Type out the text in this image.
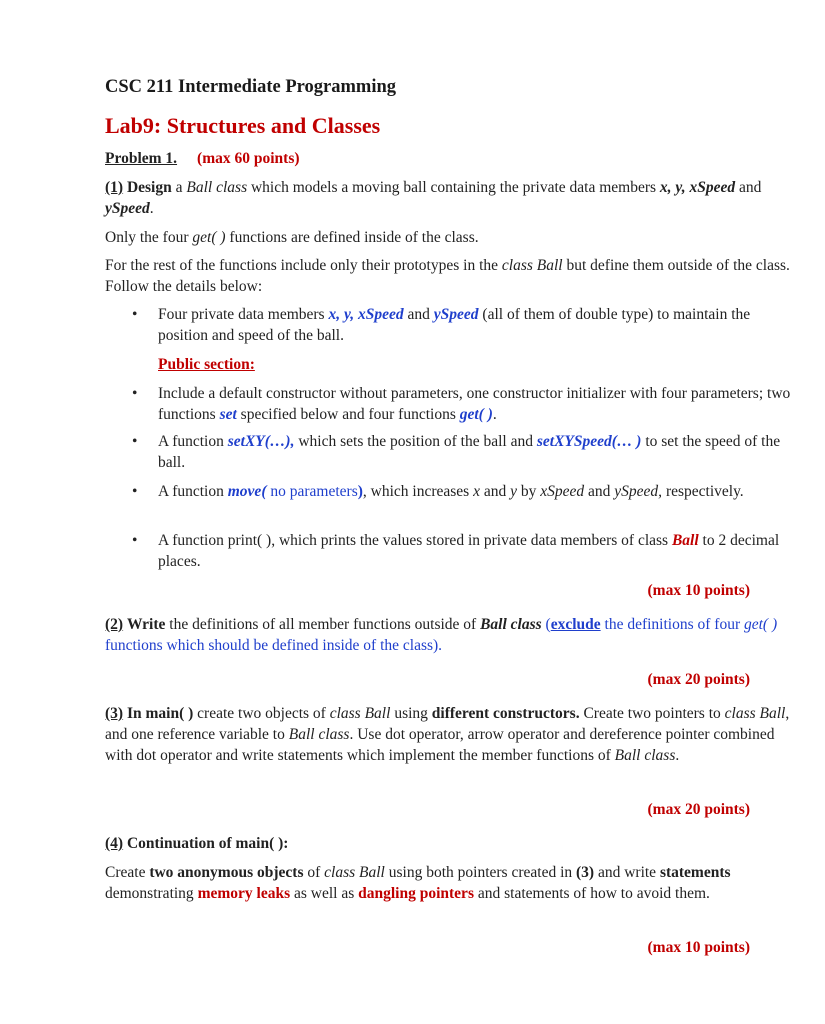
CSC 211 Intermediate Programming
Lab9: Structures and Classes
Problem 1. (max 60 points)
(1) Design a Ball class which models a moving ball containing the private data members x, y, xSpeed and ySpeed.
Only the four get( ) functions are defined inside of the class.
For the rest of the functions include only their prototypes in the class Ball but define them outside of the class. Follow the details below:
• Four private data members x, y, xSpeed and ySpeed (all of them of double type) to maintain the position and speed of the ball.
Public section:
• Include a default constructor without parameters, one constructor initializer with four parameters; two functions set specified below and four functions get( ).
• A function setXY(…), which sets the position of the ball and setXYSpeed(… ) to set the speed of the ball.
• A function move( no parameters), which increases x and y by xSpeed and ySpeed, respectively.
• A function print( ), which prints the values stored in private data members of class Ball to 2 decimal places.
(max 10 points)
(2) Write the definitions of all member functions outside of Ball class (exclude the definitions of four get( ) functions which should be defined inside of the class).
(max 20 points)
(3) In main( ) create two objects of class Ball using different constructors. Create two pointers to class Ball, and one reference variable to Ball class. Use dot operator, arrow operator and dereference pointer combined with dot operator and write statements which implement the member functions of Ball class.
(max 20 points)
(4) Continuation of main( ):
Create two anonymous objects of class Ball using both pointers created in (3) and write statements demonstrating memory leaks as well as dangling pointers and statements of how to avoid them.
(max 10 points)
